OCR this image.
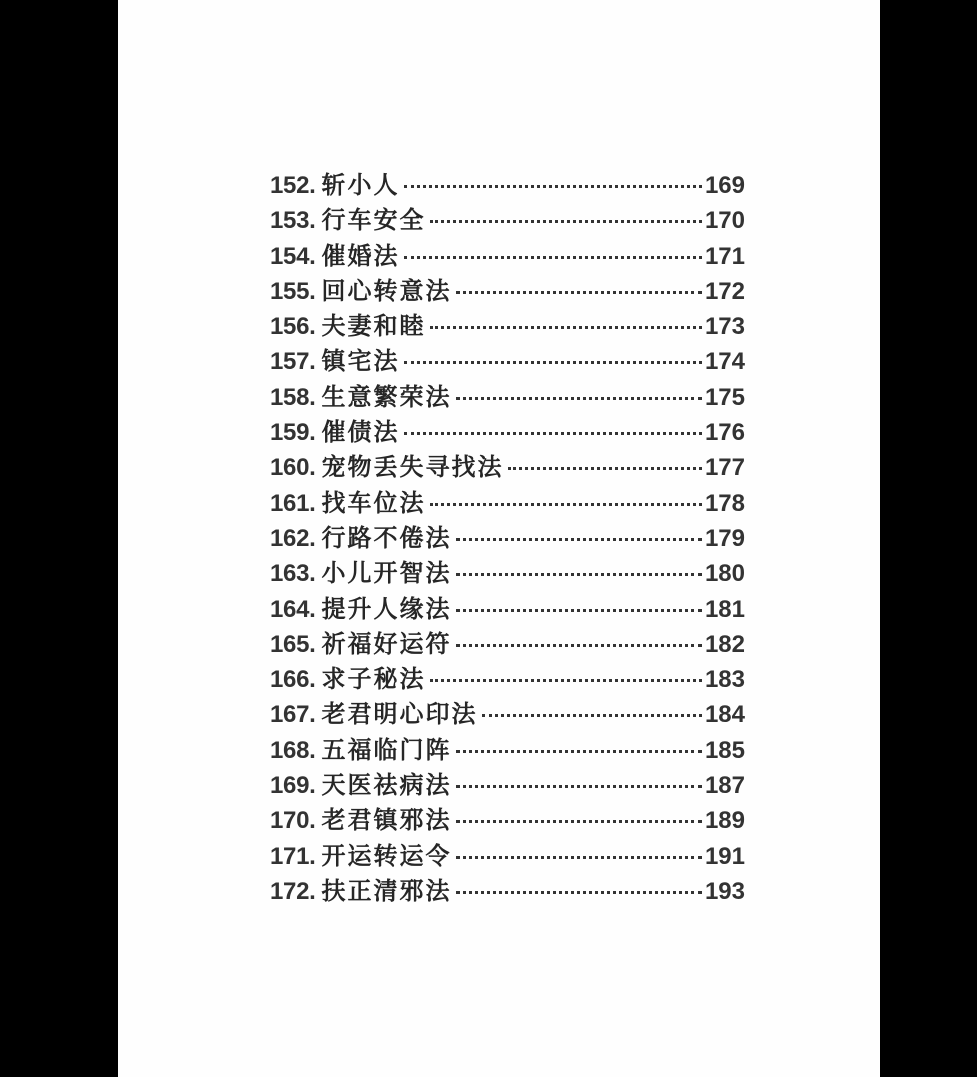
152. 斩小人	169
153. 行车安全	170
154. 催婚法	171
155. 回心转意法	172
156. 夫妻和睦	173
157. 镇宅法	174
158. 生意繁荣法	175
159. 催债法	176
160. 宠物丢失寻找法	177
161. 找车位法	178
162. 行路不倦法	179
163. 小儿开智法	180
164. 提升人缘法	181
165. 祈福好运符	182
166. 求子秘法	183
167. 老君明心印法	184
168. 五福临门阵	185
169. 天医祛病法	187
170. 老君镇邪法	189
171. 开运转运令	191
172. 扶正清邪法	193
